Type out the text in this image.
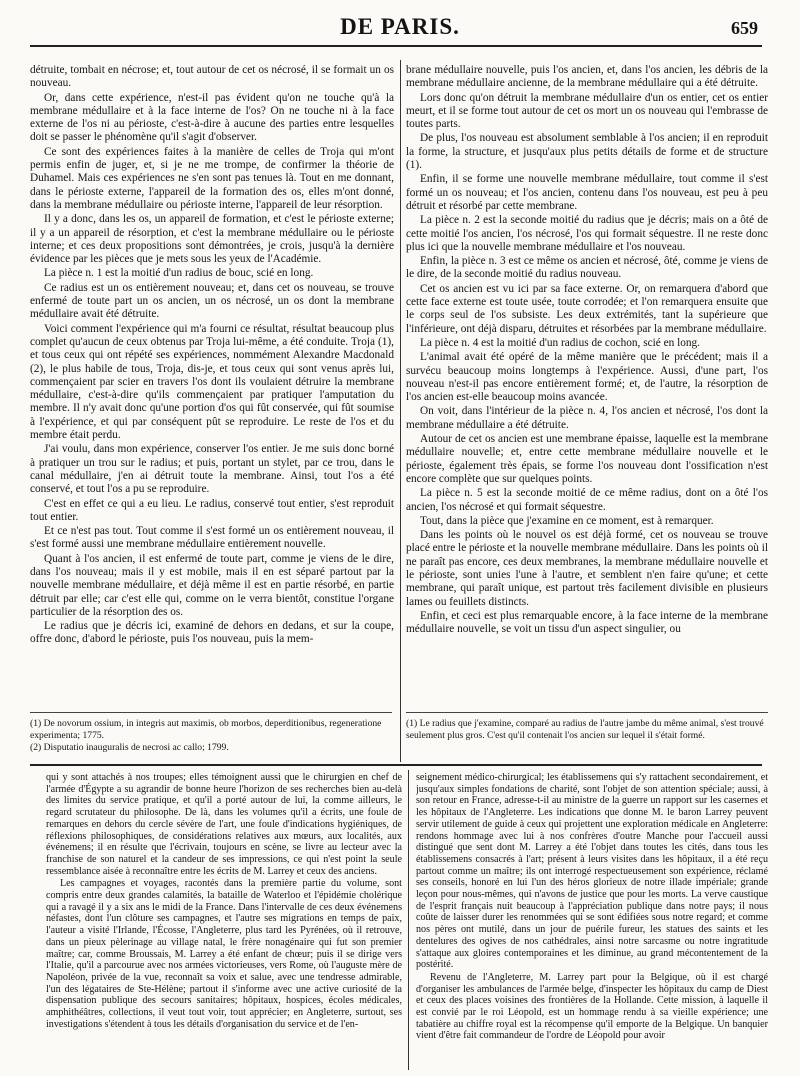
DE PARIS.	659

détruite, tombait en nécrose; et, tout autour de cet os nécrosé, il se formait un os nouveau.

Or, dans cette expérience, n'est-il pas évident qu'on ne touche qu'à la membrane médullaire et à la face interne de l'os? On ne touche ni à la face externe de l'os ni au périoste, c'est-à-dire à aucune des parties entre lesquelles doit se passer le phénomène qu'il s'agit d'observer.

Ce sont des expériences faites à la manière de celles de Troja qui m'ont permis enfin de juger, et, si je ne me trompe, de confirmer la théorie de Duhamel. Mais ces expériences ne s'en sont pas tenues là. Tout en me donnant, dans le périoste externe, l'appareil de la formation des os, elles m'ont donné, dans la membrane médullaire ou périoste interne, l'appareil de leur résorption.

Il y a donc, dans les os, un appareil de formation, et c'est le périoste externe; il y a un appareil de résorption, et c'est la membrane médullaire ou le périoste interne; et ces deux propositions sont démontrées, je crois, jusqu'à la dernière évidence par les pièces que je mets sous les yeux de l'Académie.

La pièce n. 1 est la moitié d'un radius de bouc, scié en long.

Ce radius est un os entièrement nouveau; et, dans cet os nouveau, se trouve enfermé de toute part un os ancien, un os nécrosé, un os dont la membrane médullaire avait été détruite.

Voici comment l'expérience qui m'a fourni ce résultat, résultat beaucoup plus complet qu'aucun de ceux obtenus par Troja lui-même, a été conduite. Troja (1), et tous ceux qui ont répété ses expériences, nommément Alexandre Macdonald (2), le plus habile de tous, Troja, dis-je, et tous ceux qui sont venus après lui, commençaient par scier en travers l'os dont ils voulaient détruire la membrane médullaire, c'est-à-dire qu'ils commençaient par pratiquer l'amputation du membre. Il n'y avait donc qu'une portion d'os qui fût conservée, qui fût soumise à l'expérience, et qui par conséquent pût se reproduire. Le reste de l'os et du membre était perdu.

J'ai voulu, dans mon expérience, conserver l'os entier. Je me suis donc borné à pratiquer un trou sur le radius; et puis, portant un stylet, par ce trou, dans le canal médullaire, j'en ai détruit toute la membrane. Ainsi, tout l'os a été conservé, et tout l'os a pu se reproduire.

C'est en effet ce qui a eu lieu. Le radius, conservé tout entier, s'est reproduit tout entier.

Et ce n'est pas tout. Tout comme il s'est formé un os entièrement nouveau, il s'est formé aussi une membrane médullaire entièrement nouvelle.

Quant à l'os ancien, il est enfermé de toute part, comme je viens de le dire, dans l'os nouveau; mais il y est mobile, mais il en est séparé partout par la nouvelle membrane médullaire, et déjà même il est en partie résorbé, en partie détruit par elle; car c'est elle qui, comme on le verra bientôt, constitue l'organe particulier de la résorption des os.

Le radius que je décris ici, examiné de dehors en dedans, et sur la coupe, offre donc, d'abord le périoste, puis l'os nouveau, puis la mem-

brane médullaire nouvelle, puis l'os ancien, et, dans l'os ancien, les débris de la membrane médullaire ancienne, de la membrane médullaire qui a été détruite.

Lors donc qu'on détruit la membrane médullaire d'un os entier, cet os entier meurt, et il se forme tout autour de cet os mort un os nouveau qui l'embrasse de toutes parts.

De plus, l'os nouveau est absolument semblable à l'os ancien; il en reproduit la forme, la structure, et jusqu'aux plus petits détails de forme et de structure (1).

Enfin, il se forme une nouvelle membrane médullaire, tout comme il s'est formé un os nouveau; et l'os ancien, contenu dans l'os nouveau, est peu à peu détruit et résorbé par cette membrane.

La pièce n. 2 est la seconde moitié du radius que je décris; mais on a ôté de cette moitié l'os ancien, l'os nécrosé, l'os qui formait séquestre. Il ne reste donc plus ici que la nouvelle membrane médullaire et l'os nouveau.

Enfin, la pièce n. 3 est ce même os ancien et nécrosé, ôté, comme je viens de le dire, de la seconde moitié du radius nouveau.

Cet os ancien est vu ici par sa face externe. Or, on remarquera d'abord que cette face externe est toute usée, toute corrodée; et l'on remarquera ensuite que le corps seul de l'os subsiste. Les deux extrémités, tant la supérieure que l'inférieure, ont déjà disparu, détruites et résorbées par la membrane médullaire.

La pièce n. 4 est la moitié d'un radius de cochon, scié en long.

L'animal avait été opéré de la même manière que le précédent; mais il a survécu beaucoup moins longtemps à l'expérience. Aussi, d'une part, l'os nouveau n'est-il pas encore entièrement formé; et, de l'autre, la résorption de l'os ancien est-elle beaucoup moins avancée.

On voit, dans l'intérieur de la pièce n. 4, l'os ancien et nécrosé, l'os dont la membrane médullaire a été détruite.

Autour de cet os ancien est une membrane épaisse, laquelle est la membrane médullaire nouvelle; et, entre cette membrane médullaire nouvelle et le périoste, également très épais, se forme l'os nouveau dont l'ossification n'est encore complète que sur quelques points.

La pièce n. 5 est la seconde moitié de ce même radius, dont on a ôté l'os ancien, l'os nécrosé et qui formait séquestre.

Tout, dans la pièce que j'examine en ce moment, est à remarquer.

Dans les points où le nouvel os est déjà formé, cet os nouveau se trouve placé entre le périoste et la nouvelle membrane médullaire. Dans les points où il ne paraît pas encore, ces deux membranes, la membrane médullaire nouvelle et le périoste, sont unies l'une à l'autre, et semblent n'en faire qu'une; et cette membrane, qui paraît unique, est partout très facilement divisible en plusieurs lames ou feuillets distincts.

Enfin, et ceci est plus remarquable encore, à la face interne de la membrane médullaire nouvelle, se voit un tissu d'un aspect singulier, ou

(1) De novorum ossium, in integris aut maximis, ob morbos, deperditionibus, regeneratione experimenta; 1775.
(2) Disputatio inauguralis de necrosi ac callo; 1799.
(1) Le radius que j'examine, comparé au radius de l'autre jambe du même animal, s'est trouvé seulement plus gros. C'est qu'il contenait l'os ancien sur lequel il s'était formé.

qui y sont attachés à nos troupes; elles témoignent aussi que le chirurgien en chef de l'armée d'Égypte a su agrandir de bonne heure l'horizon de ses recherches bien au-delà des limites du service pratique, et qu'il a porté autour de lui, la comme ailleurs, le regard scrutateur du philosophe. De là, dans les volumes qu'il a écrits, une foule de remarques en dehors du cercle sévère de l'art, une foule d'indications hygiéniques, de réflexions philosophiques, de considérations relatives aux mœurs, aux localités, aux événemens; il en résulte que l'écrivain, toujours en scène, se livre au lecteur avec la franchise de son naturel et la candeur de ses impressions, ce qui n'est point la seule ressemblance aisée à reconnaître entre les écrits de M. Larrey et ceux des anciens.

Les campagnes et voyages, racontés dans la première partie du volume, sont compris entre deux grandes calamités, la bataille de Waterloo et l'épidémie cholérique qui a ravagé il y a six ans le midi de la France. Dans l'intervalle de ces deux événemens néfastes, dont l'un clôture ses campagnes, et l'autre ses migrations en temps de paix, l'auteur a visité l'Irlande, l'Écosse, l'Angleterre, plus tard les Pyrénées, où il retrouve, dans un pieux pèlerinage au village natal, le frère nonagénaire qui fut son premier maître; car, comme Broussais, M. Larrey a été enfant de chœur; puis il se dirige vers l'Italie, qu'il a parcourue avec nos armées victorieuses, vers Rome, où l'auguste mère de Napoléon, privée de la vue, reconnaît sa voix et salue, avec une tendresse admirable, l'un des légataires de Ste-Hélène; partout il s'informe avec une active curiosité de la dispensation publique des secours sanitaires; hôpitaux, hospices, écoles médicales, amphithéâtres, collections, il veut tout voir, tout apprécier; en Angleterre, surtout, ses investigations s'étendent à tous les détails d'organisation du service et de l'en-

seignement médico-chirurgical; les établissemens qui s'y rattachent secondairement, et jusqu'aux simples fondations de charité, sont l'objet de son attention spéciale; aussi, à son retour en France, adresse-t-il au ministre de la guerre un rapport sur les casernes et les hôpitaux de l'Angleterre. Les indications que donne M. le baron Larrey peuvent servir utilement de guide à ceux qui projettent une exploration médicale en Angleterre: rendons hommage avec lui à nos confrères d'outre Manche pour l'accueil aussi distingué que sent dont M. Larrey a été l'objet dans toutes les cités, dans tous les établissemens consacrés à l'art; présent à leurs visites dans les hôpitaux, il a été reçu partout comme un maître; ils ont interrogé respectueusement son expérience, réclamé ses conseils, honoré en lui l'un des héros glorieux de notre illade impériale; grande leçon pour nous-mêmes, qui n'avons de justice que pour les morts. La verve caustique de l'esprit français nuit beaucoup à l'appréciation publique dans notre pays; il nous coûte de laisser durer les renommées qui se sont édifiées sous notre regard; et comme nos pères ont mutilé, dans un jour de puérile fureur, les statues des saints et les dentelures des ogives de nos cathédrales, ainsi notre sarcasme ou notre ingratitude s'attaque aux gloires contemporaines et les diminue, au grand mécontentement de la postérité.

Revenu de l'Angleterre, M. Larrey part pour la Belgique, où il est chargé d'organiser les ambulances de l'armée belge, d'inspecter les hôpitaux du camp de Diest et ceux des places voisines des frontières de la Hollande. Cette mission, à laquelle il est convié par le roi Léopold, est un hommage rendu à sa vieille expérience; une tabatière au chiffre royal est la récompense qu'il emporte de la Belgique. Un banquier vient d'être fait commandeur de l'ordre de Léopold pour avoir
